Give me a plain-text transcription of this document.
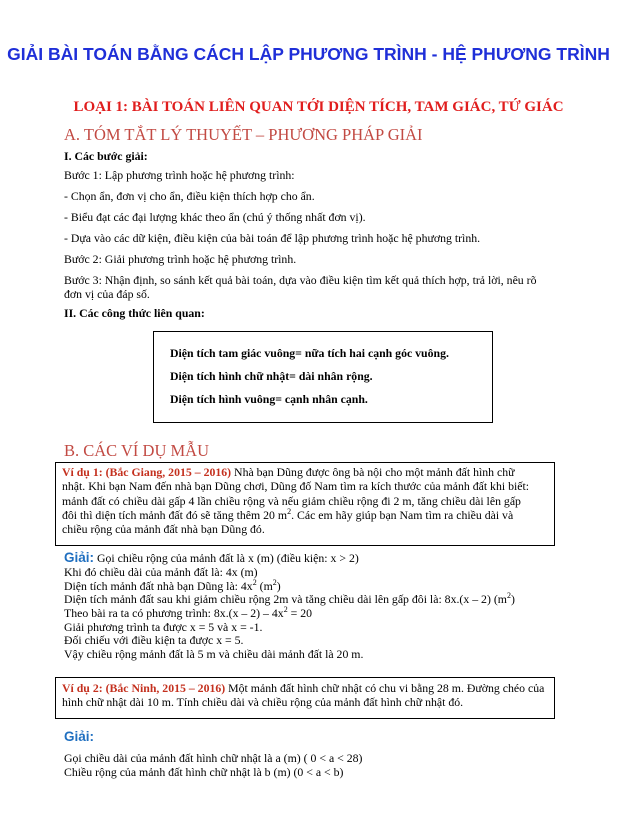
GIẢI BÀI TOÁN BẰNG CÁCH LẬP PHƯƠNG TRÌNH - HỆ PHƯƠNG TRÌNH
LOẠI 1: BÀI TOÁN LIÊN QUAN TỚI DIỆN TÍCH, TAM GIÁC, TỨ GIÁC
A. TÓM TẮT LÝ THUYẾT – PHƯƠNG PHÁP GIẢI
I. Các bước giải:
Bước 1: Lập phương trình hoặc hệ phương trình:
- Chọn ẩn, đơn vị cho ẩn, điều kiện thích hợp cho ẩn.
- Biểu đạt các đại lượng khác theo ẩn (chú ý thống nhất đơn vị).
- Dựa vào các dữ kiện, điều kiện của bài toán để lập phương trình hoặc hệ phương trình.
Bước 2: Giải phương trình hoặc hệ phương trình.
Bước 3: Nhận định, so sánh kết quả bài toán, dựa vào điều kiện tìm kết quả thích hợp, trả lời, nêu rõ
đơn vị của đáp số.
II. Các công thức liên quan:
Diện tích tam giác vuông= nữa tích hai cạnh góc vuông.
Diện tích hình chữ nhật= dài nhân rộng.
Diện tích hình vuông= cạnh nhân cạnh.
B. CÁC VÍ DỤ MẪU
Ví dụ 1: (Bắc Giang, 2015 – 2016) Nhà bạn Dũng được ông bà nội cho một mảnh đất hình chữ
nhật. Khi bạn Nam đến nhà bạn Dũng chơi, Dũng đố Nam tìm ra kích thước của mảnh đất khi biết:
mảnh đất có chiều dài gấp 4 lần chiều rộng và nếu giảm chiều rộng đi 2 m, tăng chiều dài lên gấp
đôi thì diện tích mảnh đất đó sẽ tăng thêm 20 $m^2$. Các em hãy giúp bạn Nam tìm ra chiều dài và
chiều rộng của mảnh đất nhà bạn Dũng đó.
Giải: Gọi chiều rộng của mảnh đất là x (m) (điều kiện: x > 2)
Khi đó chiều dài của mảnh đất là: 4x (m)
Diện tích mảnh đất nhà bạn Dũng là: $4x^2$ $(m^2)$
Diện tích mảnh đất sau khi giảm chiều rộng 2m và tăng chiều dài lên gấp đôi là: 8x.(x – 2) $(m^2)$
Theo bài ra ta có phương trình: $8x.(x - 2) - 4x^2 = 20$
Giải phương trình ta được x = 5 và x = -1.
Đối chiếu với điều kiện ta được x = 5.
Vậy chiều rộng mảnh đất là 5 m và chiều dài mảnh đất là 20 m.
Ví dụ 2: (Bắc Ninh, 2015 – 2016) Một mảnh đất hình chữ nhật có chu vi bằng 28 m. Đường chéo của
hình chữ nhật dài 10 m. Tính chiều dài và chiều rộng của mảnh đất hình chữ nhật đó.
Giải:
Gọi chiều dài của mảnh đất hình chữ nhật là a (m) ( 0 < a < 28)
Chiều rộng của mảnh đất hình chữ nhật là b (m) (0 < a < b)
